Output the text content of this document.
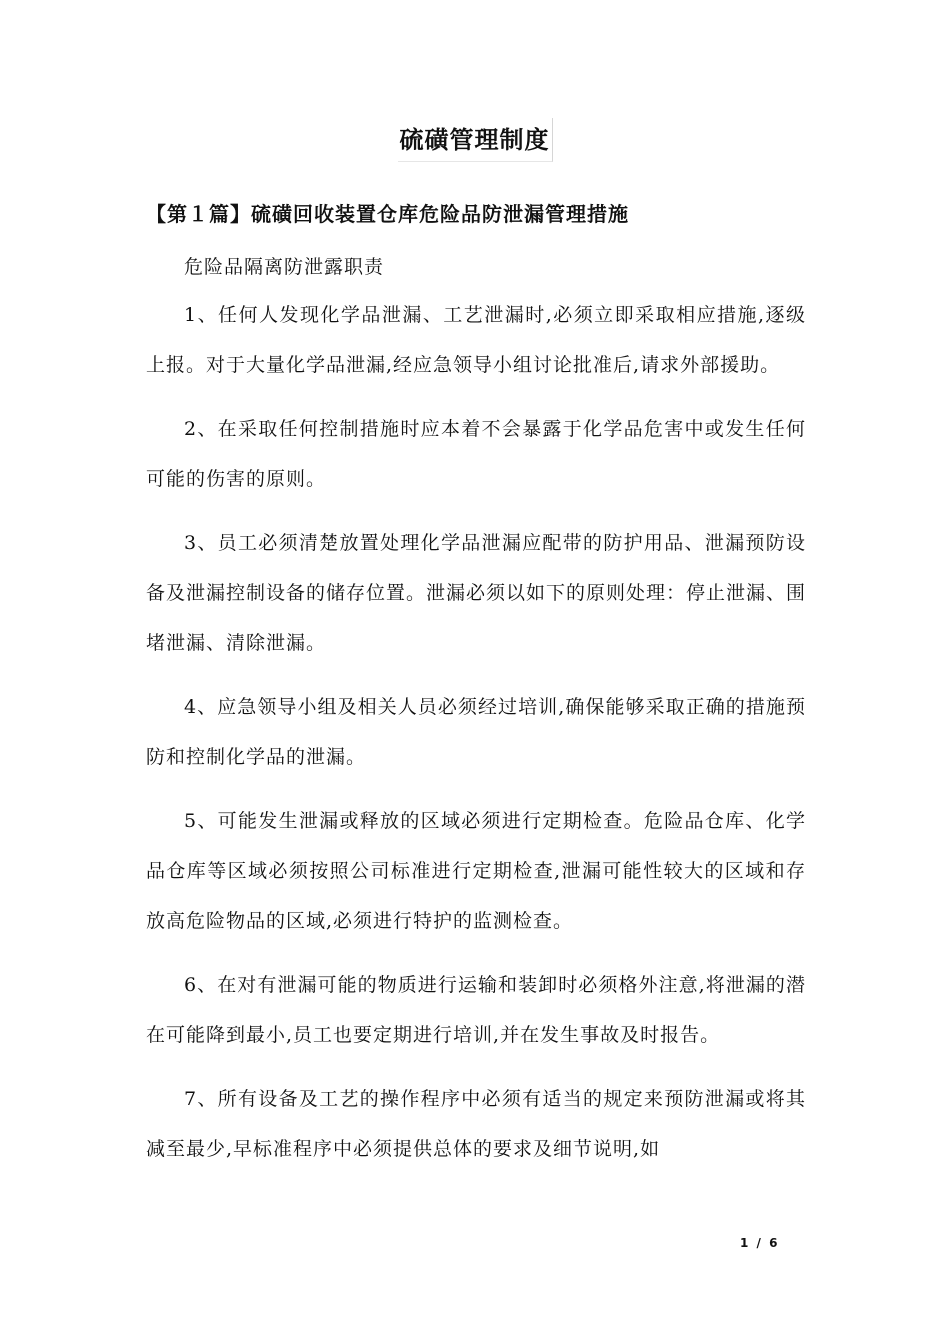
硫磺管理制度
【第１篇】硫磺回收装置仓库危险品防泄漏管理措施

危险品隔离防泄露职责

1、任何人发现化学品泄漏、工艺泄漏时,必须立即采取相应措施,逐级上报。对于大量化学品泄漏,经应急领导小组讨论批准后,请求外部援助。

2、在采取任何控制措施时应本着不会暴露于化学品危害中或发生任何可能的伤害的原则。

3、员工必须清楚放置处理化学品泄漏应配带的防护用品、泄漏预防设备及泄漏控制设备的储存位置。泄漏必须以如下的原则处理：停止泄漏、围堵泄漏、清除泄漏。

4、应急领导小组及相关人员必须经过培训,确保能够采取正确的措施预防和控制化学品的泄漏。

5、可能发生泄漏或释放的区域必须进行定期检查。危险品仓库、化学品仓库等区域必须按照公司标准进行定期检查,泄漏可能性较大的区域和存放高危险物品的区域,必须进行特护的监测检查。

6、在对有泄漏可能的物质进行运输和装卸时必须格外注意,将泄漏的潜在可能降到最小,员工也要定期进行培训,并在发生事故及时报告。

7、所有设备及工艺的操作程序中必须有适当的规定来预防泄漏或将其减至最少,早标准程序中必须提供总体的要求及细节说明,如

1 / 6
